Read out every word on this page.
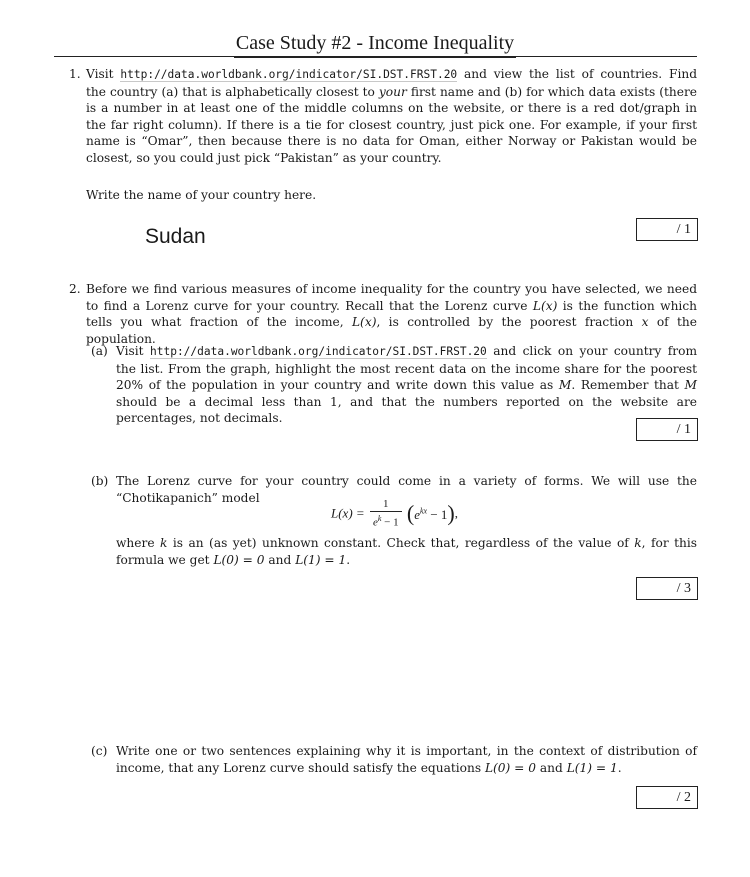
Case Study #2 - Income Inequality
1. Visit http://data.worldbank.org/indicator/SI.DST.FRST.20 and view the list of countries. Find the country (a) that is alphabetically closest to your first name and (b) for which data exists (there is a number in at least one of the middle columns on the website, or there is a red dot/graph in the far right column). If there is a tie for closest country, just pick one. For example, if your first name is “Omar”, then because there is no data for Oman, either Norway or Pakistan would be closest, so you could just pick “Pakistan” as your country.
Write the name of your country here.
Sudan	/ 1
2. Before we find various measures of income inequality for the country you have selected, we need to find a Lorenz curve for your country. Recall that the Lorenz curve L(x) is the function which tells you what fraction of the income, L(x), is controlled by the poorest fraction x of the population.
(a) Visit http://data.worldbank.org/indicator/SI.DST.FRST.20 and click on your country from the list. From the graph, highlight the most recent data on the income share for the poorest 20% of the population in your country and write down this value as M. Remember that M should be a decimal less than 1, and that the numbers reported on the website are percentages, not decimals.
/ 1
(b) The Lorenz curve for your country could come in a variety of forms. We will use the “Chotikapanich” model
$L(x) = \frac{1}{e^k - 1} (e^{kx} - 1)$,
where k is an (as yet) unknown constant. Check that, regardless of the value of k, for this formula we get L(0) = 0 and L(1) = 1.
/ 3
(c) Write one or two sentences explaining why it is important, in the context of distribution of income, that any Lorenz curve should satisfy the equations L(0) = 0 and L(1) = 1.
/ 2
